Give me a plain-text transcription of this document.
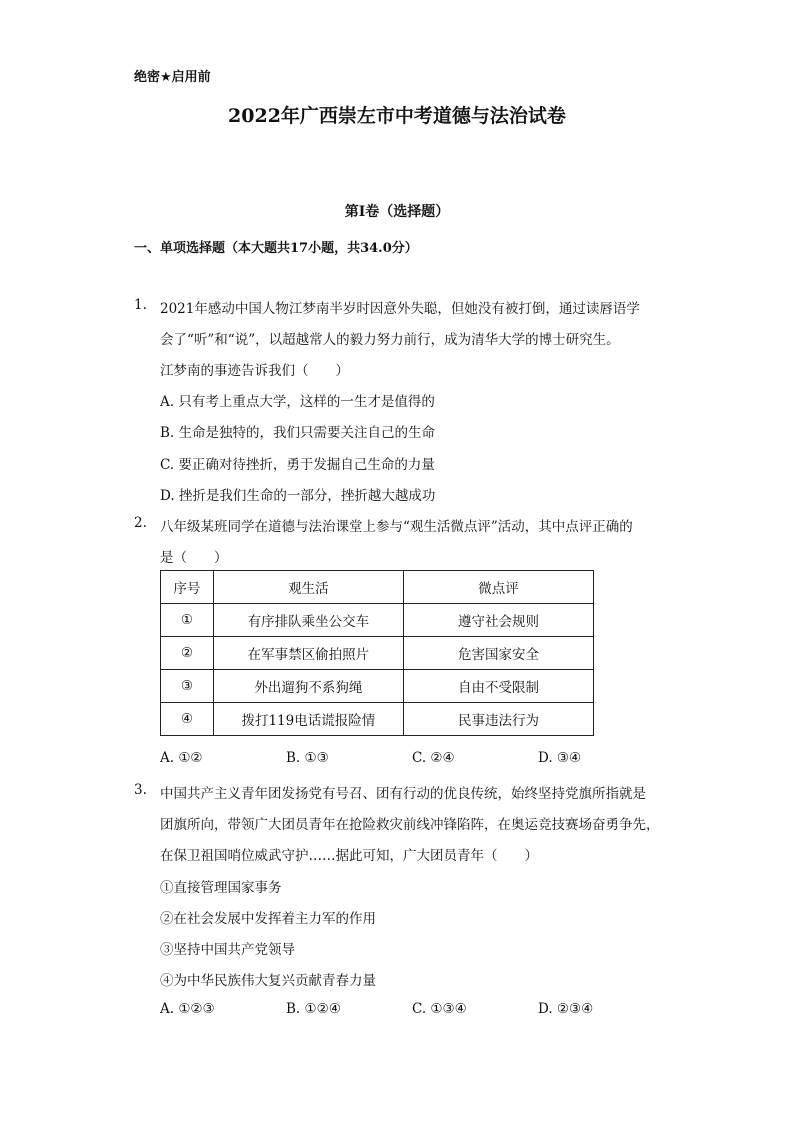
绝密★启用前
2022年广西崇左市中考道德与法治试卷
第I卷（选择题）
一、单项选择题（本大题共17小题，共34.0分）
1. 2021年感动中国人物江梦南半岁时因意外失聪，但她没有被打倒，通过读唇语学
会了“听”和“说”，以超越常人的毅力努力前行，成为清华大学的博士研究生。
江梦南的事迹告诉我们（　　）
A. 只有考上重点大学，这样的一生才是值得的
B. 生命是独特的，我们只需要关注自己的生命
C. 要正确对待挫折，勇于发掘自己生命的力量
D. 挫折是我们生命的一部分，挫折越大越成功
2. 八年级某班同学在道德与法治课堂上参与“观生活微点评”活动，其中点评正确的
是（　　）
序号	观生活	微点评
①	有序排队乘坐公交车	遵守社会规则
②	在军事禁区偷拍照片	危害国家安全
③	外出遛狗不系狗绳	自由不受限制
④	拨打119电话谎报险情	民事违法行为
A. ①②	B. ①③	C. ②④	D. ③④
3. 中国共产主义青年团发扬党有号召、团有行动的优良传统，始终坚持党旗所指就是
团旗所向，带领广大团员青年在抢险救灾前线冲锋陷阵，在奥运竞技赛场奋勇争先，
在保卫祖国哨位威武守护……据此可知，广大团员青年（　　）
①直接管理国家事务
②在社会发展中发挥着主力军的作用
③坚持中国共产党领导
④为中华民族伟大复兴贡献青春力量
A. ①②③	B. ①②④	C. ①③④	D. ②③④
